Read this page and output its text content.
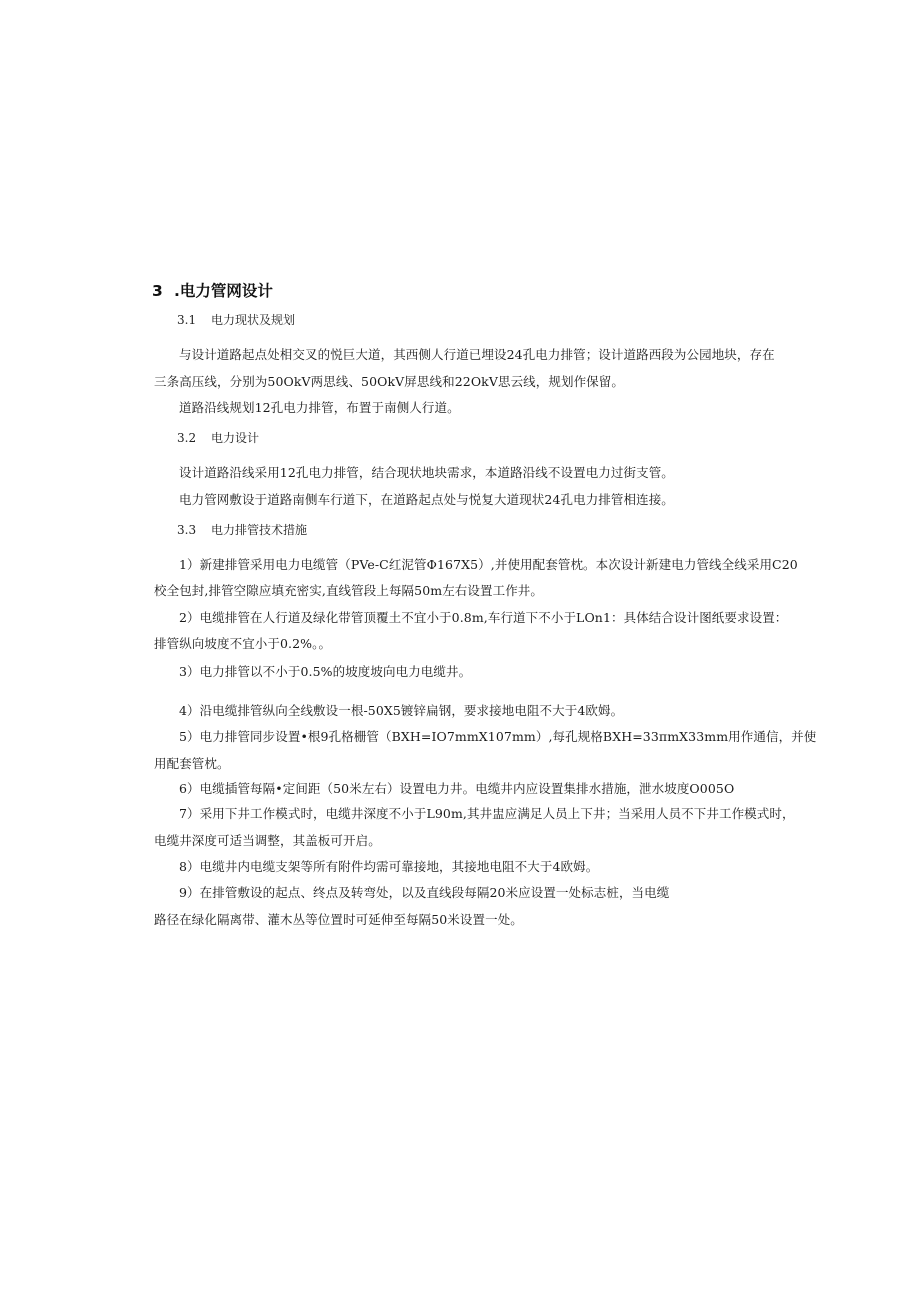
3 .电力管网设计
3.1 电力现状及规划
与设计道路起点处相交叉的悦巨大道，其西侧人行道已埋设24孔电力排管；设计道路西段为公园地块，存在
三条高压线，分别为50OkV两思线、50OkV屏思线和22OkV思云线，规划作保留。
道路沿线规划12孔电力排管，布置于南侧人行道。
3.2 电力设计
设计道路沿线采用12孔电力排管，结合现状地块需求，本道路沿线不设置电力过街支管。
电力管网敷设于道路南侧车行道下，在道路起点处与悦复大道现状24孔电力排管相连接。
3.3 电力排管技术措施
1）新建排管采用电力电缆管（PVe-C红泥管Φ167X5）,并使用配套管枕。本次设计新建电力管线全线采用C20
校全包封,排管空隙应填充密实,直线管段上每隔50m左右设置工作井。
2）电缆排管在人行道及绿化带管顶覆土不宜小于0.8m,车行道下不小于LOn1：具体结合设计图纸要求设置：
排管纵向坡度不宜小于0.2%。。
3）电力排管以不小于0.5%的坡度坡向电力电缆井。
4）沿电缆排管纵向全线敷设一根-50X5镀锌扁钢，要求接地电阻不大于4欧姆。
5）电力排管同步设置•根9孔格栅管（BXH=IO7mmX107mm）,每孔规格BXH=33πmX33mm用作通信，并使
用配套管枕。
6）电缆插管每隔•定间距（50米左右）设置电力井。电缆井内应设置集排水措施，泄水坡度O005O
7）采用下井工作模式时，电缆井深度不小于L90m,其井盅应满足人员上下井；当采用人员不下井工作模式时，
电缆井深度可适当调整，其盖板可开启。
8）电缆井内电缆支架等所有附件均需可靠接地，其接地电阻不大于4欧姆。
9）在排管敷设的起点、终点及转弯处，以及直线段每隔20米应设置一处标志桩，当电缆
路径在绿化隔离带、灌木丛等位置时可延伸至每隔50米设置一处。
